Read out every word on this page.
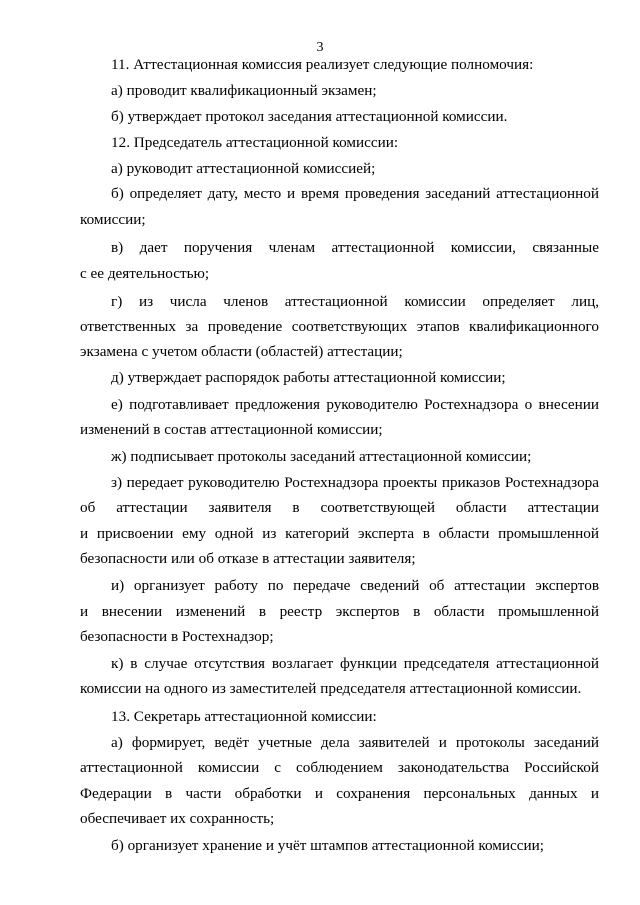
3
11. Аттестационная комиссия реализует следующие полномочия:
а) проводит квалификационный экзамен;
б) утверждает протокол заседания аттестационной комиссии.
12. Председатель аттестационной комиссии:
а) руководит аттестационной комиссией;
б) определяет дату, место и время проведения заседаний аттестационной
комиссии;
в) дает поручения членам аттестационной комиссии, связанные
с ее деятельностью;
г) из числа членов аттестационной комиссии определяет лиц,
ответственных за проведение соответствующих этапов квалификационного
экзамена с учетом области (областей) аттестации;
д) утверждает распорядок работы аттестационной комиссии;
е) подготавливает предложения руководителю Ростехнадзора о внесении
изменений в состав аттестационной комиссии;
ж) подписывает протоколы заседаний аттестационной комиссии;
з) передает руководителю Ростехнадзора проекты приказов Ростехнадзора
об аттестации заявителя в соответствующей области аттестации
и присвоении ему одной из категорий эксперта в области промышленной
безопасности или об отказе в аттестации заявителя;
и) организует работу по передаче сведений об аттестации экспертов
и внесении изменений в реестр экспертов в области промышленной
безопасности в Ростехнадзор;
к) в случае отсутствия возлагает функции председателя аттестационной
комиссии на одного из заместителей председателя аттестационной комиссии.
13. Секретарь аттестационной комиссии:
а) формирует, ведёт учетные дела заявителей и протоколы заседаний
аттестационной комиссии с соблюдением законодательства Российской
Федерации в части обработки и сохранения персональных данных и
обеспечивает их сохранность;
б) организует хранение и учёт штампов аттестационной комиссии;
